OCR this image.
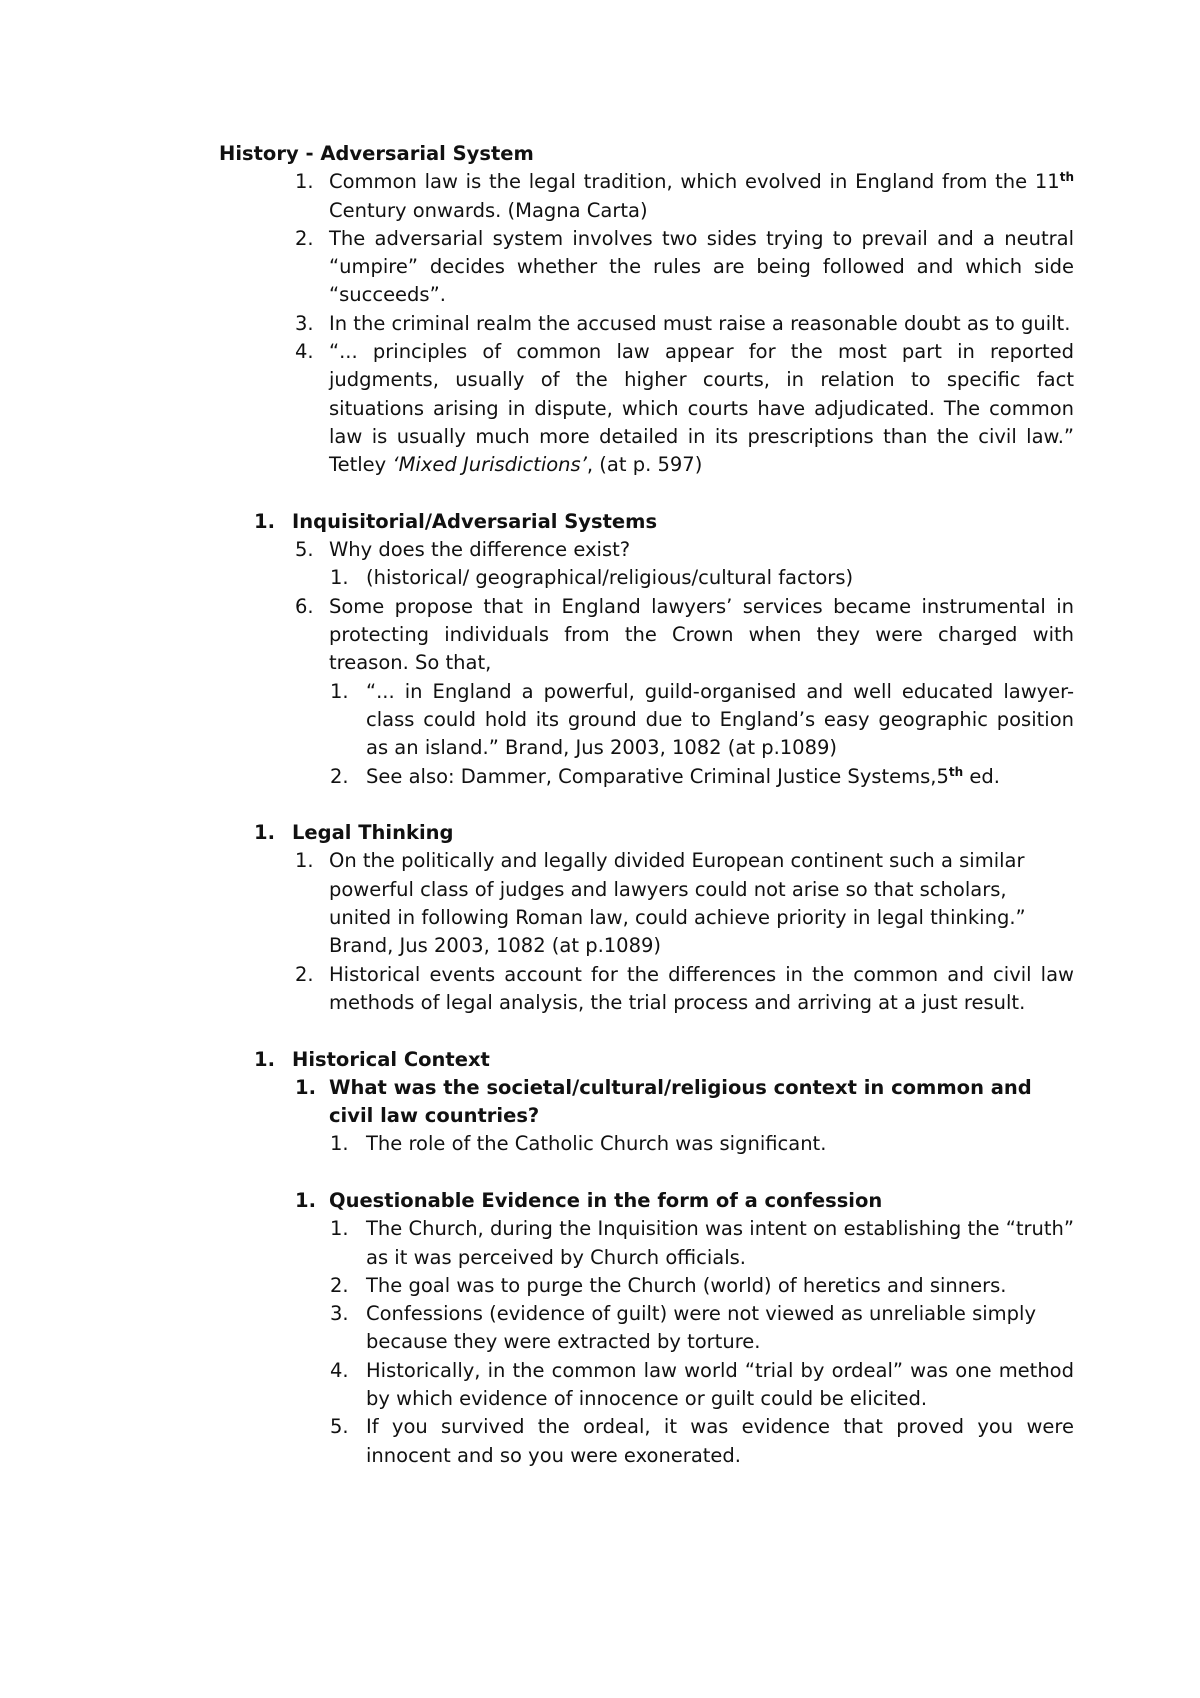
History - Adversarial System
1. Common law is the legal tradition, which evolved in England from the 11th Century onwards. (Magna Carta)
2. The adversarial system involves two sides trying to prevail and a neutral “umpire” decides whether the rules are being followed and which side “succeeds”.
3. In the criminal realm the accused must raise a reasonable doubt as to guilt.
4. “... principles of common law appear for the most part in reported judgments, usually of the higher courts, in relation to specific fact situations arising in dispute, which courts have adjudicated. The common law is usually much more detailed in its prescriptions than the civil law.” Tetley ‘Mixed Jurisdictions’, (at p. 597)
1. Inquisitorial/Adversarial Systems
5. Why does the difference exist?
1. (historical/ geographical/religious/cultural factors)
6. Some propose that in England lawyers’ services became instrumental in protecting individuals from the Crown when they were charged with treason. So that,
1. “... in England a powerful, guild-organised and well educated lawyer-class could hold its ground due to England’s easy geographic position as an island.” Brand, Jus 2003, 1082 (at p.1089)
2. See also: Dammer, Comparative Criminal Justice Systems,5th ed.
1. Legal Thinking
1. On the politically and legally divided European continent such a similar powerful class of judges and lawyers could not arise so that scholars, united in following Roman law, could achieve priority in legal thinking.” Brand, Jus 2003, 1082 (at p.1089)
2. Historical events account for the differences in the common and civil law methods of legal analysis, the trial process and arriving at a just result.
1. Historical Context
1. What was the societal/cultural/religious context in common and civil law countries?
1. The role of the Catholic Church was significant.
1. Questionable Evidence in the form of a confession
1. The Church, during the Inquisition was intent on establishing the “truth” as it was perceived by Church officials.
2. The goal was to purge the Church (world) of heretics and sinners.
3. Confessions (evidence of guilt) were not viewed as unreliable simply because they were extracted by torture.
4. Historically, in the common law world “trial by ordeal” was one method by which evidence of innocence or guilt could be elicited.
5. If you survived the ordeal, it was evidence that proved you were innocent and so you were exonerated.
